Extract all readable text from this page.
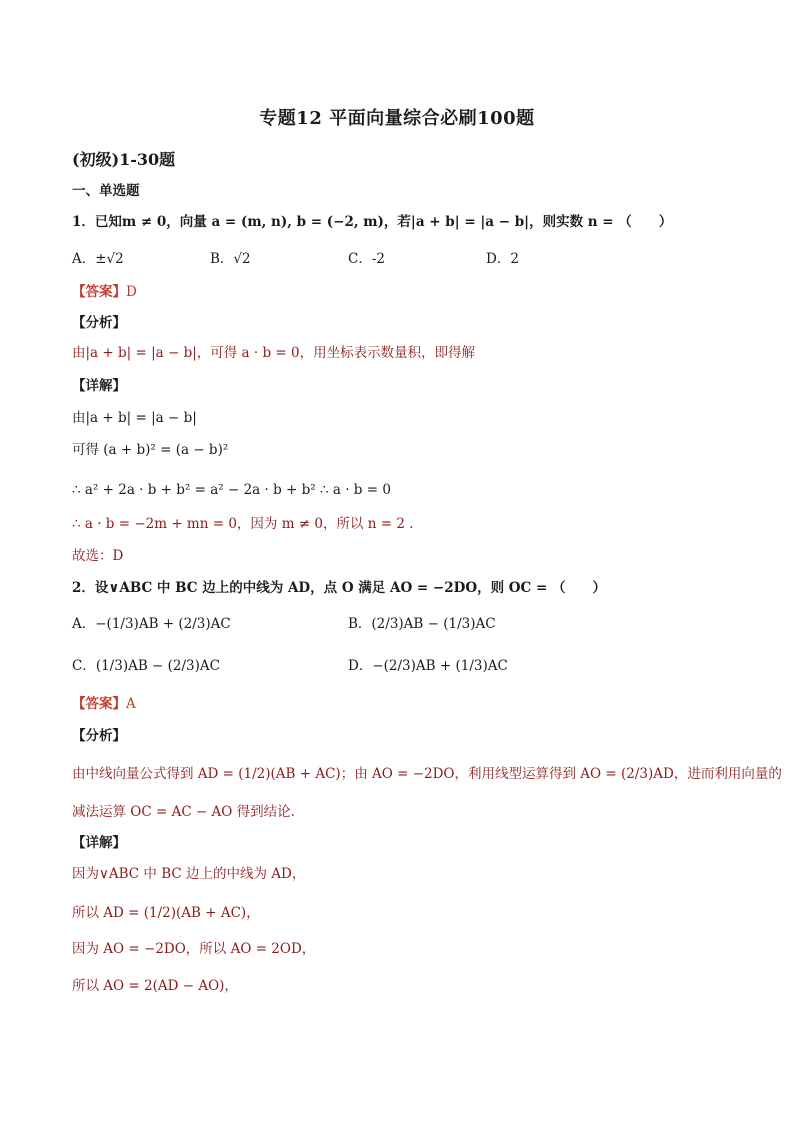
专题12 平面向量综合必刷100题
(初级)1-30题
一、单选题
1．已知m ≠ 0，向量 a = (m, n), b = (−2, m)，若|a + b| = |a − b|，则实数 n = （　　）
A．±√2	B．√2	C．-2	D．2
【答案】D
【分析】
由|a + b| = |a − b|，可得 a · b = 0，用坐标表示数量积，即得解
【详解】
由|a + b| = |a − b|
可得 (a + b)² = (a − b)²
∴ a² + 2a · b + b² = a² − 2a · b + b² ∴ a · b = 0
∴ a · b = −2m + mn = 0，因为 m ≠ 0，所以 n = 2 .
故选：D
2．设∨ABC 中 BC 边上的中线为 AD，点 O 满足 AO = −2DO，则 OC = （　　）
A．−(1/3)AB + (2/3)AC	B．(2/3)AB − (1/3)AC
C．(1/3)AB − (2/3)AC	D．−(2/3)AB + (1/3)AC
【答案】A
【分析】
由中线向量公式得到 AD = (1/2)(AB + AC)；由 AO = −2DO，利用线型运算得到 AO = (2/3)AD，进而利用向量的
减法运算 OC = AC − AO 得到结论.
【详解】
因为∨ABC 中 BC 边上的中线为 AD，
所以 AD = (1/2)(AB + AC)，
因为 AO = −2DO，所以 AO = 2OD，
所以 AO = 2(AD − AO)，
